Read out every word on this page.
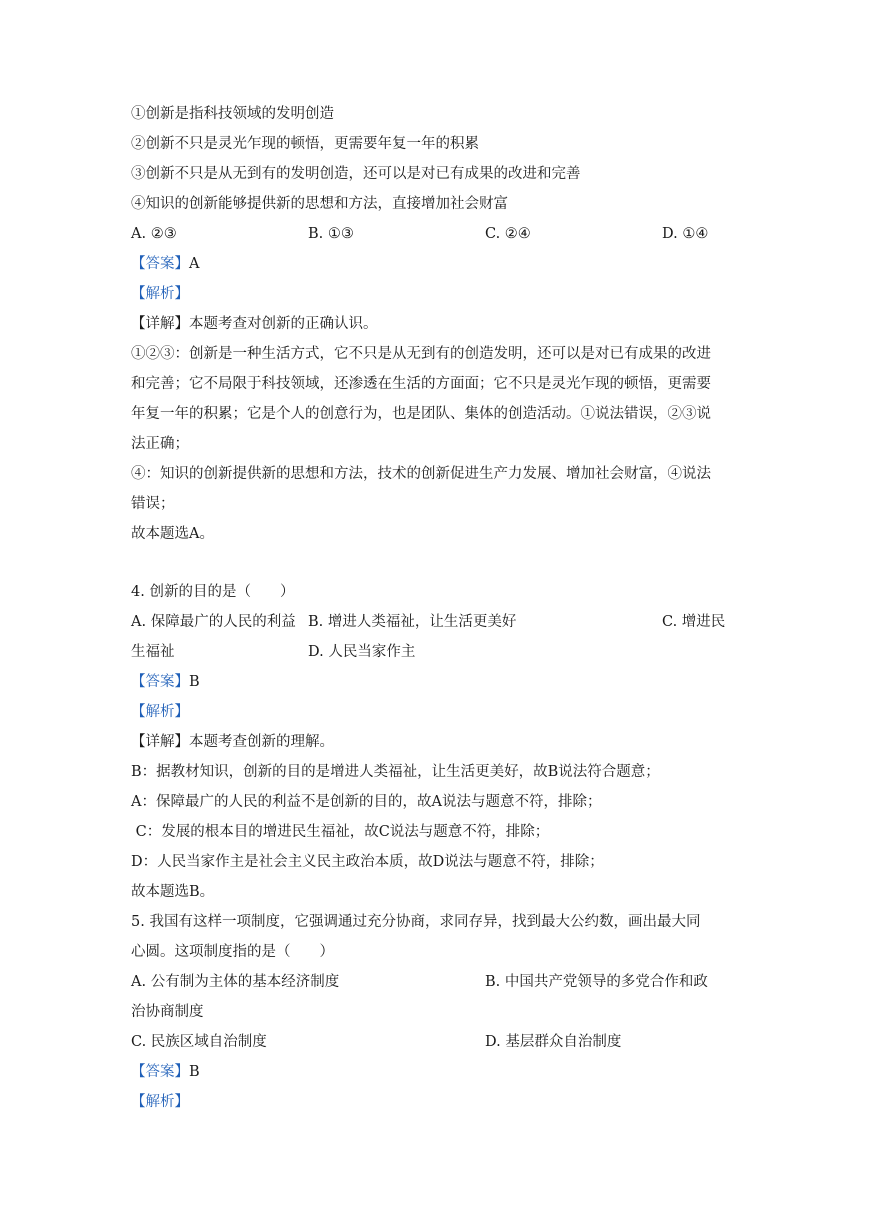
①创新是指科技领域的发明创造
②创新不只是灵光乍现的顿悟，更需要年复一年的积累
③创新不只是从无到有的发明创造，还可以是对已有成果的改进和完善
④知识的创新能够提供新的思想和方法，直接增加社会财富
A. ②③	B. ①③	C. ②④	D. ①④
【答案】A
【解析】
【详解】本题考查对创新的正确认识。
①②③：创新是一种生活方式，它不只是从无到有的创造发明，还可以是对已有成果的改进
和完善；它不局限于科技领域，还渗透在生活的方面面；它不只是灵光乍现的顿悟，更需要
年复一年的积累；它是个人的创意行为，也是团队、集体的创造活动。①说法错误，②③说
法正确；
④：知识的创新提供新的思想和方法，技术的创新促进生产力发展、增加社会财富，④说法
错误；
故本题选A。
4. 创新的目的是（　　）
A. 保障最广的人民的利益 B. 增进人类福祉，让生活更美好	C. 增进民
生福祉	D. 人民当家作主
【答案】B
【解析】
【详解】本题考查创新的理解。
B：据教材知识，创新的目的是增进人类福祉，让生活更美好，故B说法符合题意；
A：保障最广的人民的利益不是创新的目的，故A说法与题意不符，排除；
C：发展的根本目的增进民生福祉，故C说法与题意不符，排除；
D：人民当家作主是社会主义民主政治本质，故D说法与题意不符，排除；
故本题选B。
5. 我国有这样一项制度，它强调通过充分协商，求同存异，找到最大公约数，画出最大同
心圆。这项制度指的是（　　）
A. 公有制为主体的基本经济制度	B. 中国共产党领导的多党合作和政
治协商制度
C. 民族区域自治制度	D. 基层群众自治制度
【答案】B
【解析】
